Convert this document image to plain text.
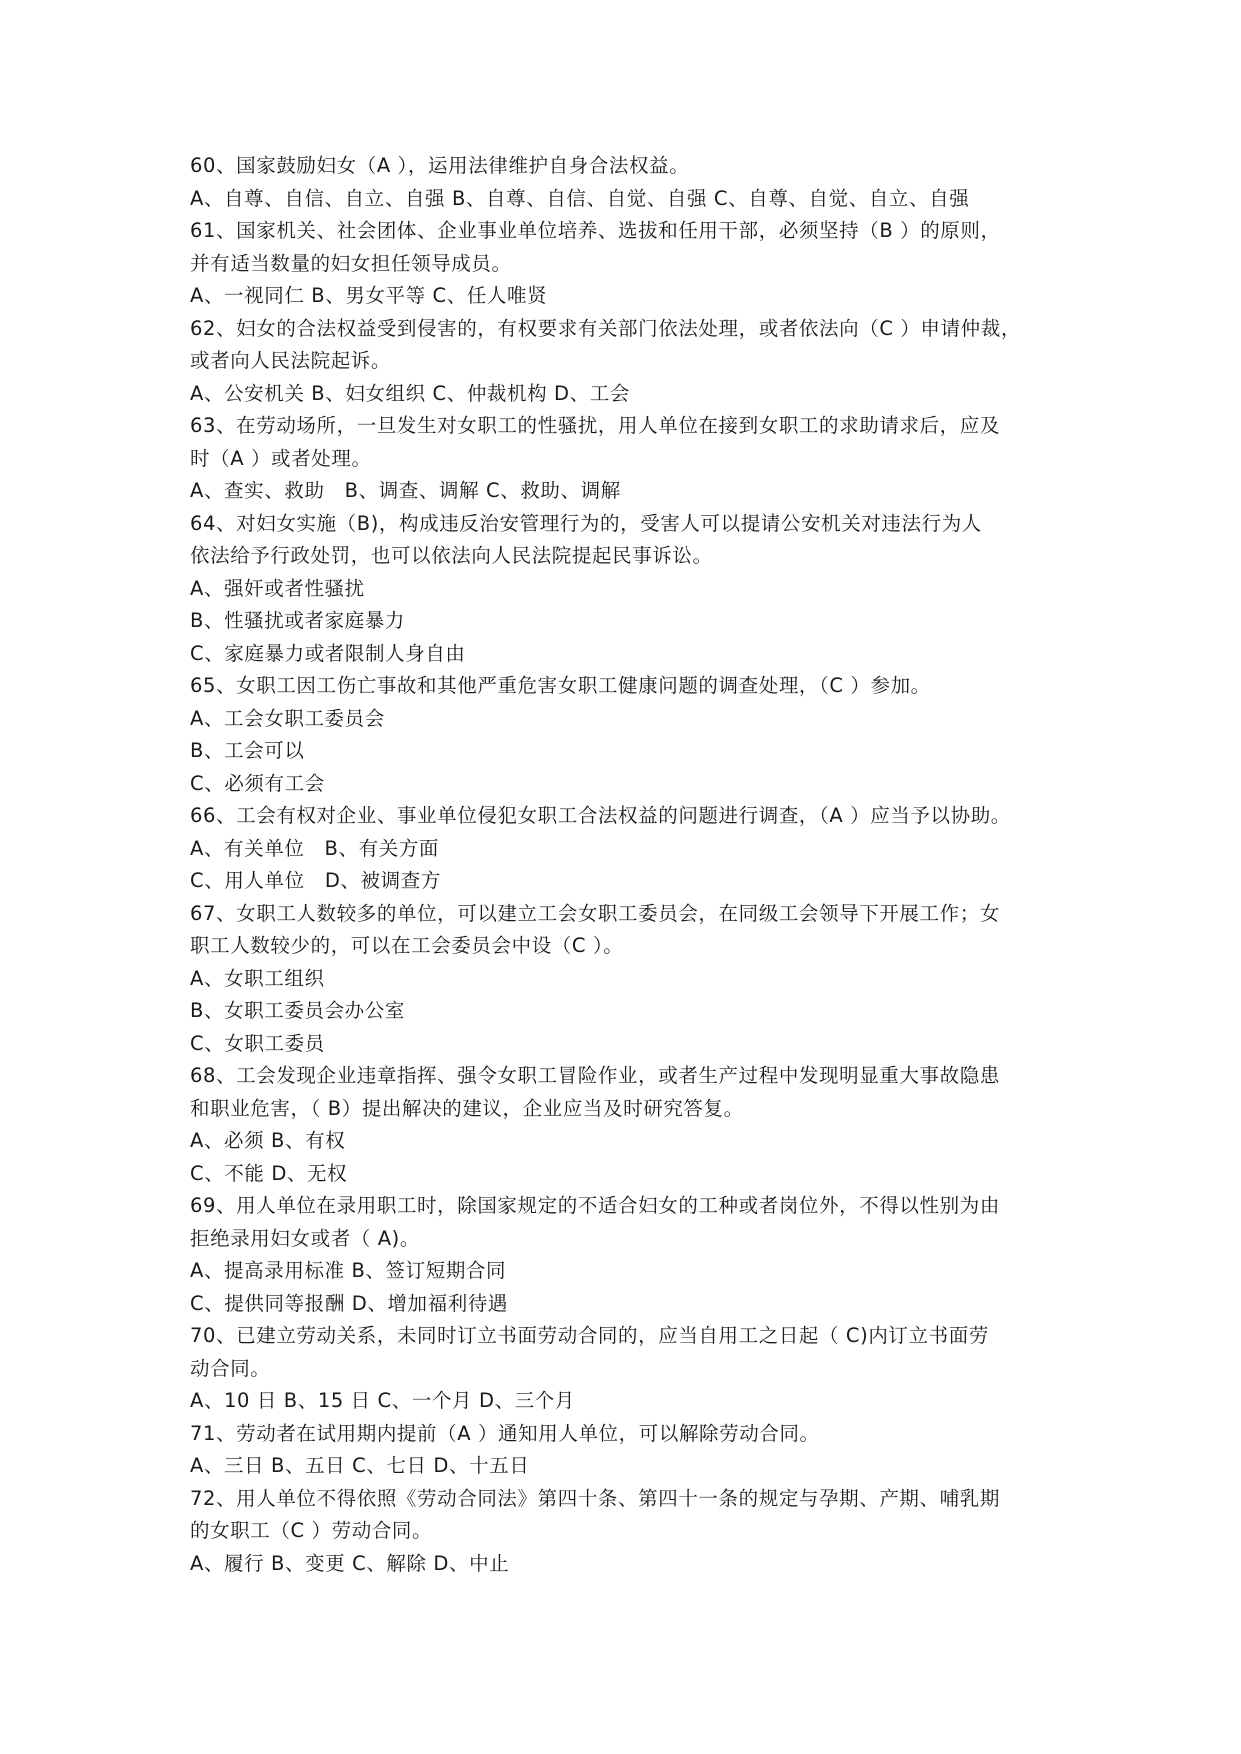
60、国家鼓励妇女（A ），运用法律维护自身合法权益。
A、自尊、自信、自立、自强 B、自尊、自信、自觉、自强 C、自尊、自觉、自立、自强
61、国家机关、社会团体、企业事业单位培养、选拔和任用干部，必须坚持（B ）的原则，
并有适当数量的妇女担任领导成员。
A、一视同仁 B、男女平等 C、任人唯贤
62、妇女的合法权益受到侵害的，有权要求有关部门依法处理，或者依法向（C ）申请仲裁，
或者向人民法院起诉。
A、公安机关 B、妇女组织 C、仲裁机构 D、工会
63、在劳动场所，一旦发生对女职工的性骚扰，用人单位在接到女职工的求助请求后，应及
时（A ）或者处理。
A、查实、救助　B、调查、调解 C、救助、调解
64、对妇女实施（B)，构成违反治安管理行为的，受害人可以提请公安机关对违法行为人
依法给予行政处罚，也可以依法向人民法院提起民事诉讼。
A、强奸或者性骚扰
B、性骚扰或者家庭暴力
C、家庭暴力或者限制人身自由
65、女职工因工伤亡事故和其他严重危害女职工健康问题的调查处理，（C ）参加。
A、工会女职工委员会
B、工会可以
C、必须有工会
66、工会有权对企业、事业单位侵犯女职工合法权益的问题进行调查，（A ）应当予以协助。
A、有关单位　B、有关方面
C、用人单位　D、被调查方
67、女职工人数较多的单位，可以建立工会女职工委员会，在同级工会领导下开展工作；女
职工人数较少的，可以在工会委员会中设（C ）。
A、女职工组织
B、女职工委员会办公室
C、女职工委员
68、工会发现企业违章指挥、强令女职工冒险作业，或者生产过程中发现明显重大事故隐患
和职业危害，（ B）提出解决的建议，企业应当及时研究答复。
A、必须 B、有权
C、不能 D、无权
69、用人单位在录用职工时，除国家规定的不适合妇女的工种或者岗位外，不得以性别为由
拒绝录用妇女或者（ A)。
A、提高录用标准 B、签订短期合同
C、提供同等报酬 D、增加福利待遇
70、已建立劳动关系，未同时订立书面劳动合同的，应当自用工之日起（ C)内订立书面劳
动合同。
A、10 日 B、15 日 C、一个月 D、三个月
71、劳动者在试用期内提前（A ）通知用人单位，可以解除劳动合同。
A、三日 B、五日 C、七日 D、十五日
72、用人单位不得依照《劳动合同法》第四十条、第四十一条的规定与孕期、产期、哺乳期
的女职工（C ）劳动合同。
A、履行 B、变更 C、解除 D、中止
